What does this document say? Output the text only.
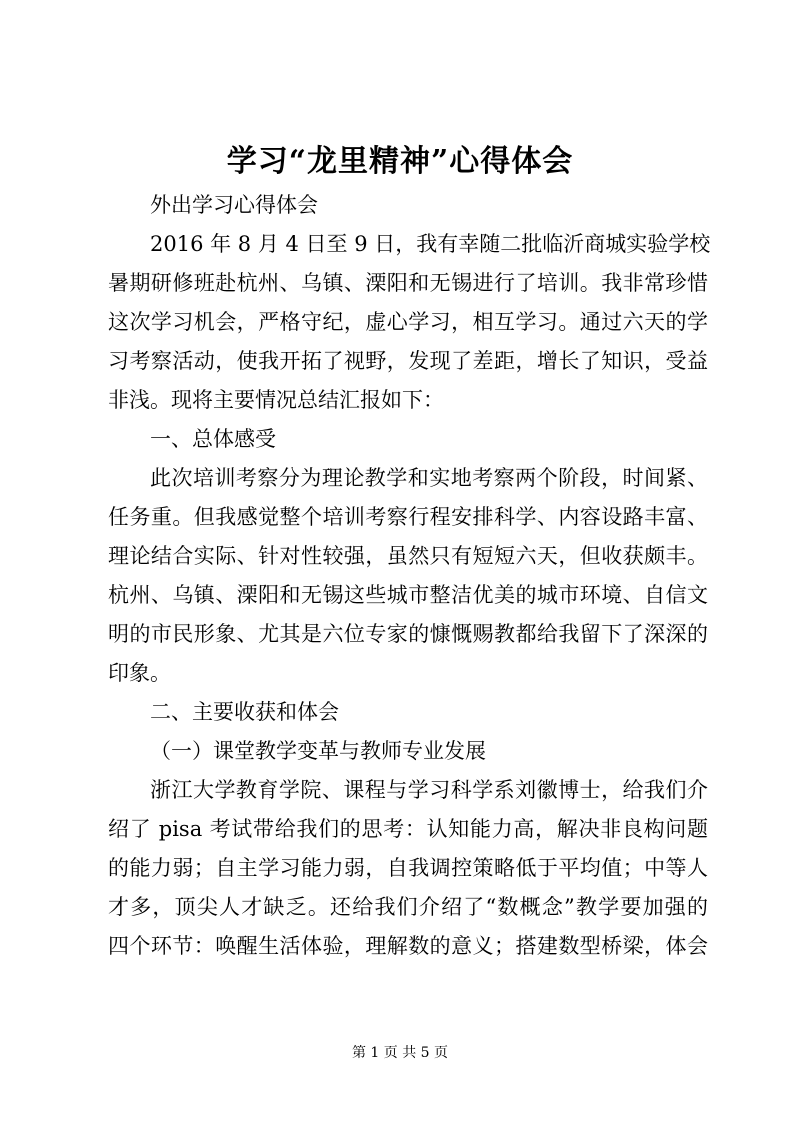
学习“龙里精神”心得体会
外出学习心得体会
2016 年 8 月 4 日至 9 日，我有幸随二批临沂商城实验学校
暑期研修班赴杭州、乌镇、溧阳和无锡进行了培训。我非常珍惜
这次学习机会，严格守纪，虚心学习，相互学习。通过六天的学
习考察活动，使我开拓了视野，发现了差距，增长了知识，受益
非浅。现将主要情况总结汇报如下：
一、总体感受
此次培训考察分为理论教学和实地考察两个阶段，时间紧、
任务重。但我感觉整个培训考察行程安排科学、内容设路丰富、
理论结合实际、针对性较强，虽然只有短短六天，但收获颇丰。
杭州、乌镇、溧阳和无锡这些城市整洁优美的城市环境、自信文
明的市民形象、尤其是六位专家的慷慨赐教都给我留下了深深的
印象。
二、主要收获和体会
（一）课堂教学变革与教师专业发展
浙江大学教育学院、课程与学习科学系刘徽博士，给我们介
绍了 pisa 考试带给我们的思考：认知能力高，解决非良构问题
的能力弱；自主学习能力弱，自我调控策略低于平均值；中等人
才多，顶尖人才缺乏。还给我们介绍了“数概念”教学要加强的
四个环节：唤醒生活体验，理解数的意义；搭建数型桥梁，体会
第 1 页 共 5 页
